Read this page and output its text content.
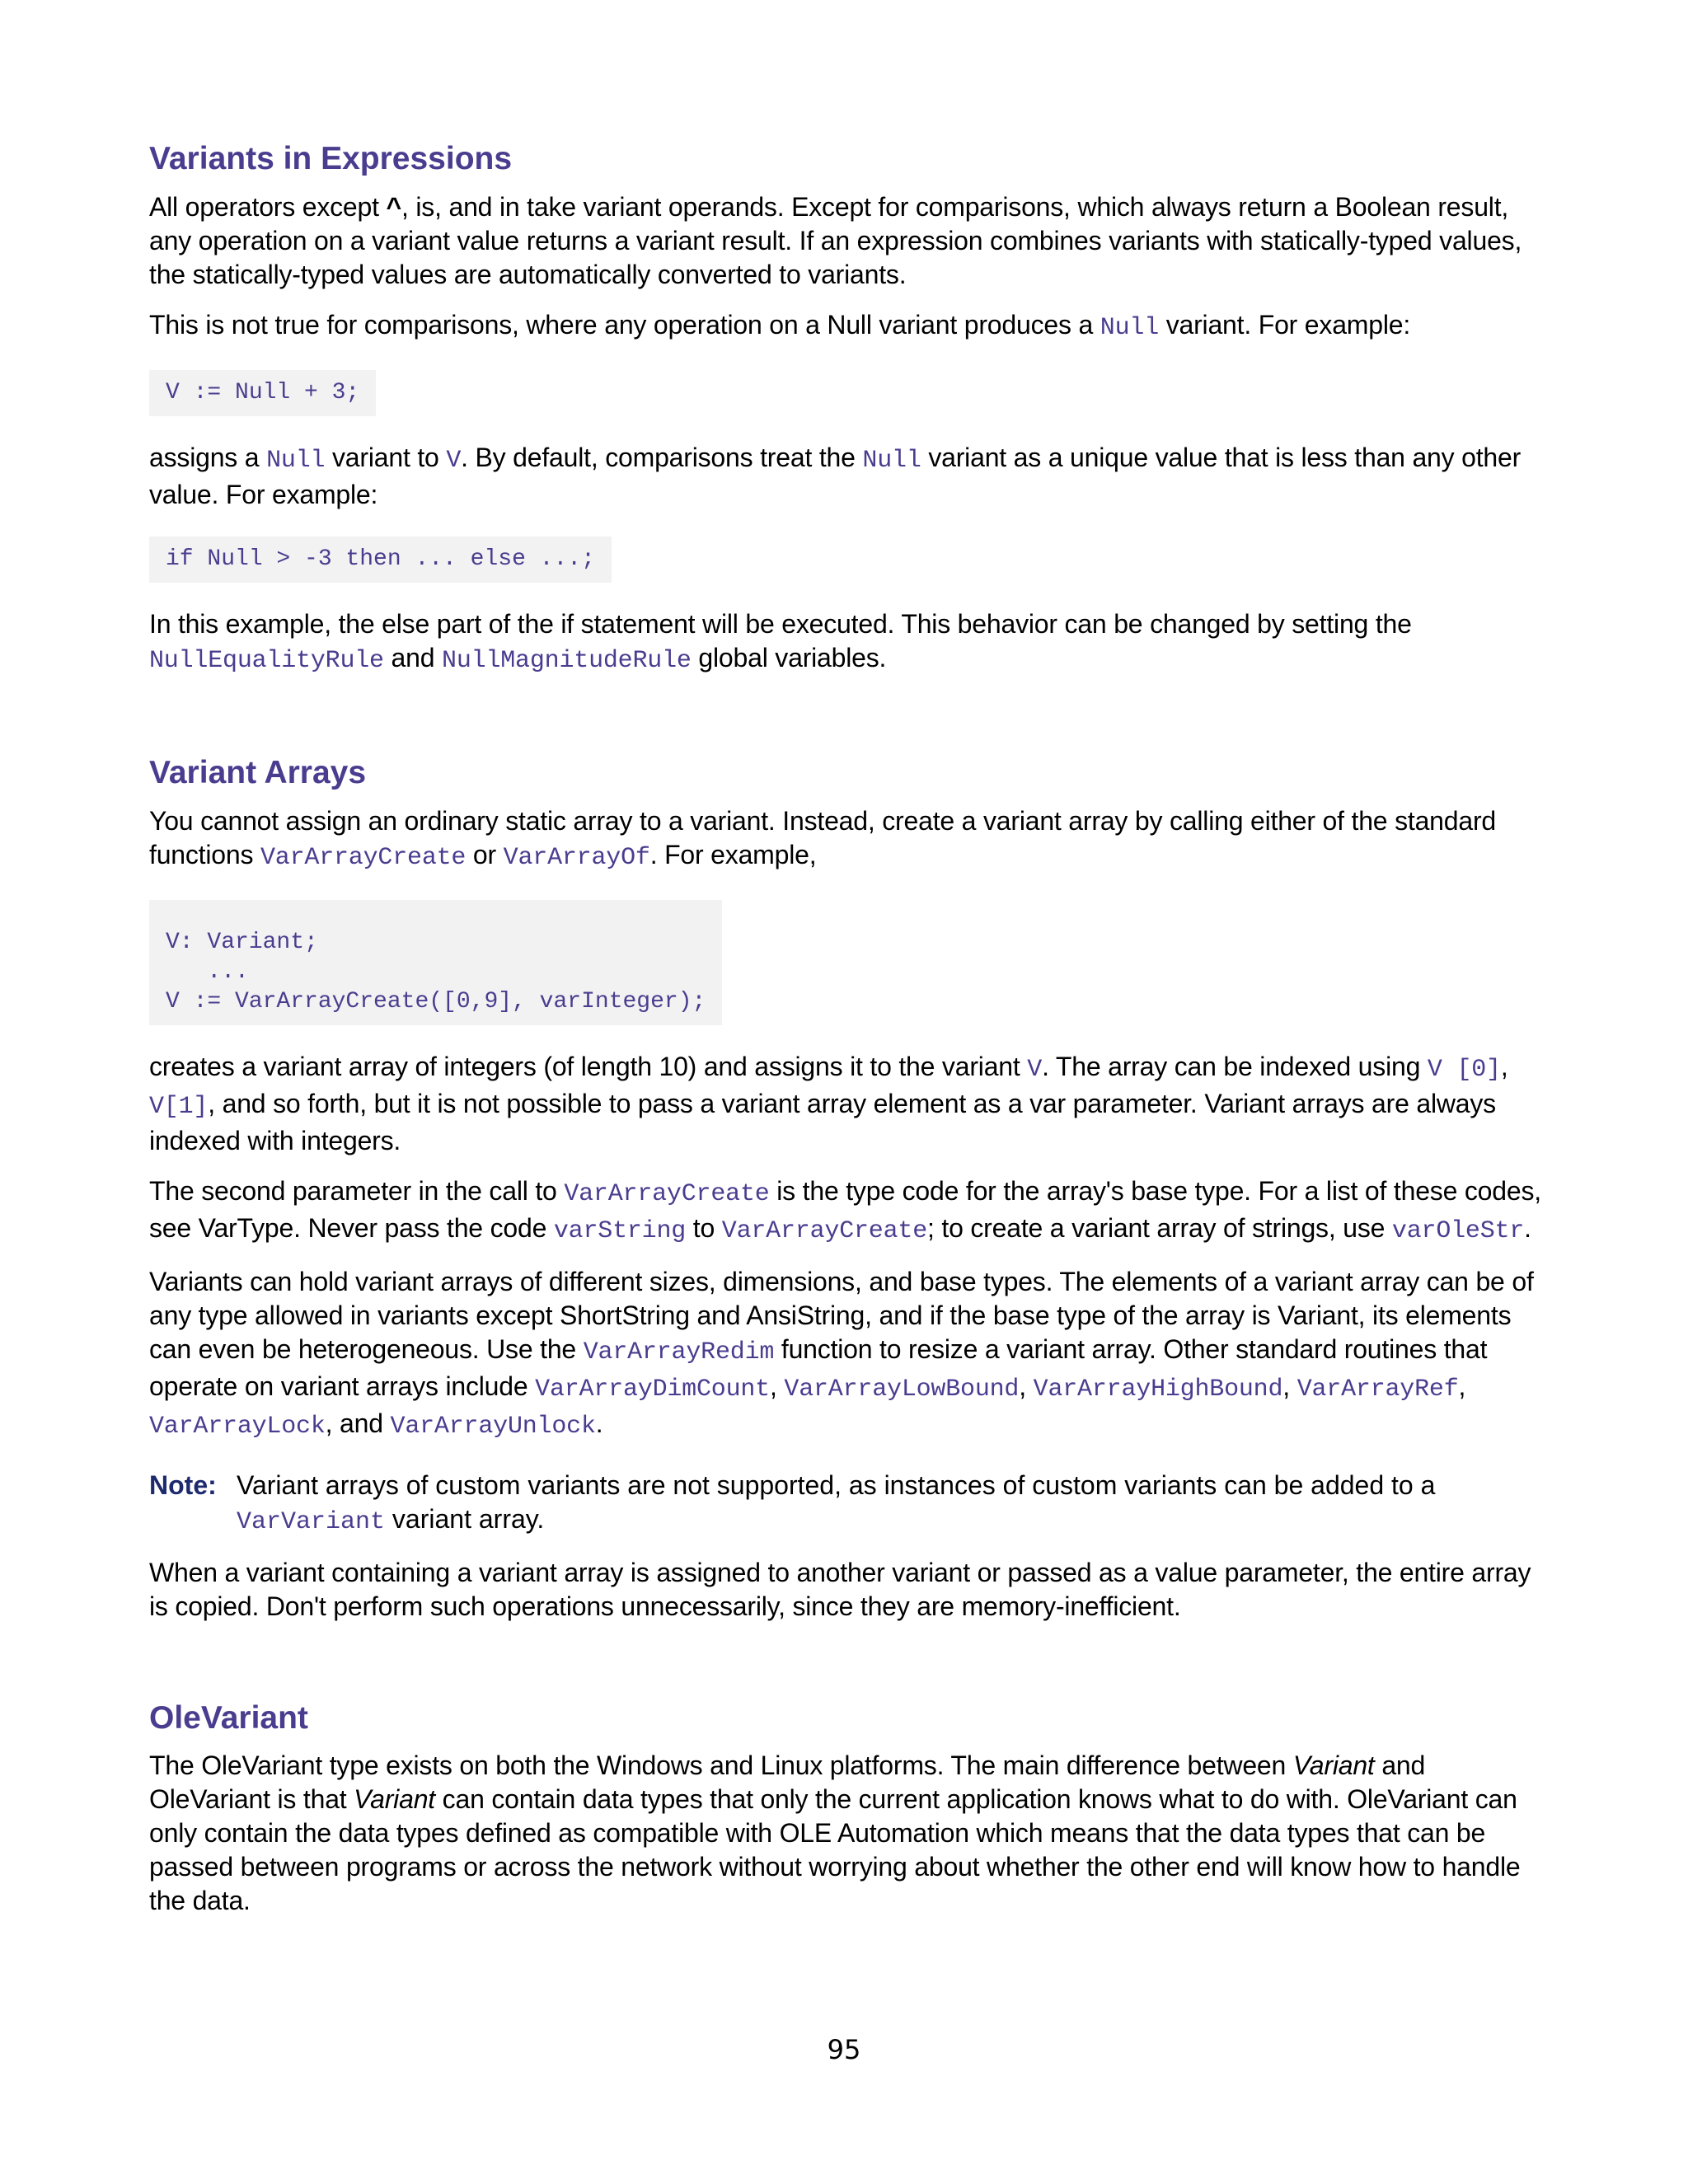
Variants in Expressions

All operators except ^, is, and in take variant operands. Except for comparisons, which always return a Boolean result, any operation on a variant value returns a variant result. If an expression combines variants with statically-typed values, the statically-typed values are automatically converted to variants.

This is not true for comparisons, where any operation on a Null variant produces a Null variant. For example:

V := Null + 3;

assigns a Null variant to V. By default, comparisons treat the Null variant as a unique value that is less than any other value. For example:

if Null > -3 then ... else ...;

In this example, the else part of the if statement will be executed. This behavior can be changed by setting the NullEqualityRule and NullMagnitudeRule global variables.

Variant Arrays

You cannot assign an ordinary static array to a variant. Instead, create a variant array by calling either of the standard functions VarArrayCreate or VarArrayOf. For example,

V: Variant;
...
V := VarArrayCreate([0,9], varInteger);

creates a variant array of integers (of length 10) and assigns it to the variant V. The array can be indexed using V [0], V[1], and so forth, but it is not possible to pass a variant array element as a var parameter. Variant arrays are always indexed with integers.

The second parameter in the call to VarArrayCreate is the type code for the array's base type. For a list of these codes, see VarType. Never pass the code varString to VarArrayCreate; to create a variant array of strings, use varOleStr.

Variants can hold variant arrays of different sizes, dimensions, and base types. The elements of a variant array can be of any type allowed in variants except ShortString and AnsiString, and if the base type of the array is Variant, its elements can even be heterogeneous. Use the VarArrayRedim function to resize a variant array. Other standard routines that operate on variant arrays include VarArrayDimCount, VarArrayLowBound, VarArrayHighBound, VarArrayRef, VarArrayLock, and VarArrayUnlock.

Note: Variant arrays of custom variants are not supported, as instances of custom variants can be added to a VarVariant variant array.

When a variant containing a variant array is assigned to another variant or passed as a value parameter, the entire array is copied. Don't perform such operations unnecessarily, since they are memory-inefficient.

OleVariant

The OleVariant type exists on both the Windows and Linux platforms. The main difference between Variant and OleVariant is that Variant can contain data types that only the current application knows what to do with. OleVariant can only contain the data types defined as compatible with OLE Automation which means that the data types that can be passed between programs or across the network without worrying about whether the other end will know how to handle the data.

95
